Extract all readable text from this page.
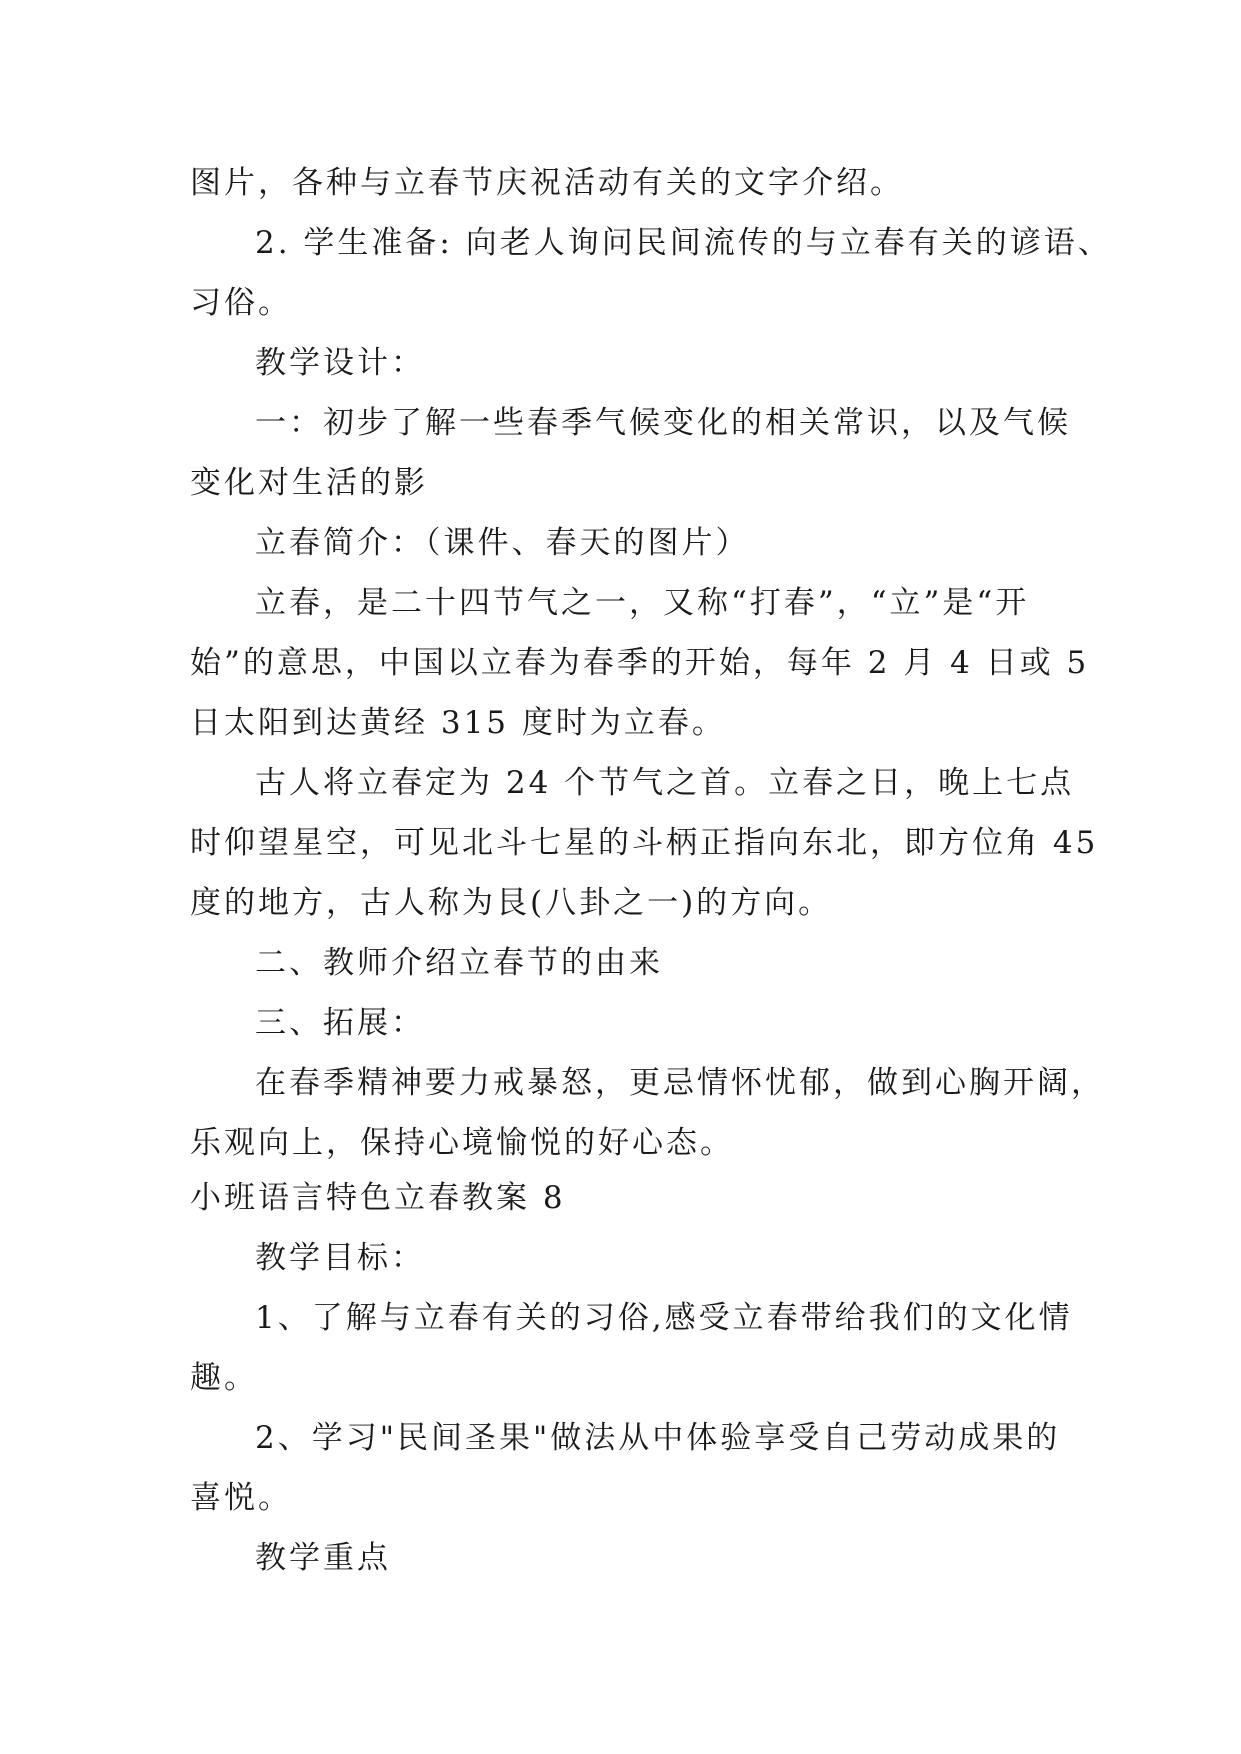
图片，各种与立春节庆祝活动有关的文字介绍。
2. 学生准备: 向老人询问民间流传的与立春有关的谚语、
习俗。
教学设计：
一：初步了解一些春季气候变化的相关常识，以及气候
变化对生活的影
立春简介：（课件、春天的图片）
立春，是二十四节气之一，又称“打春”，“立”是“开
始”的意思，中国以立春为春季的开始，每年 2 月 4 日或 5
日太阳到达黄经 315 度时为立春。
古人将立春定为 24 个节气之首。立春之日，晚上七点
时仰望星空，可见北斗七星的斗柄正指向东北，即方位角 45
度的地方，古人称为艮(八卦之一)的方向。
二、教师介绍立春节的由来
三、拓展：
在春季精神要力戒暴怒，更忌情怀忧郁，做到心胸开阔，
乐观向上，保持心境愉悦的好心态。
小班语言特色立春教案 8
教学目标：
1、了解与立春有关的习俗,感受立春带给我们的文化情
趣。
2、学习"民间圣果"做法从中体验享受自己劳动成果的
喜悦。
教学重点
